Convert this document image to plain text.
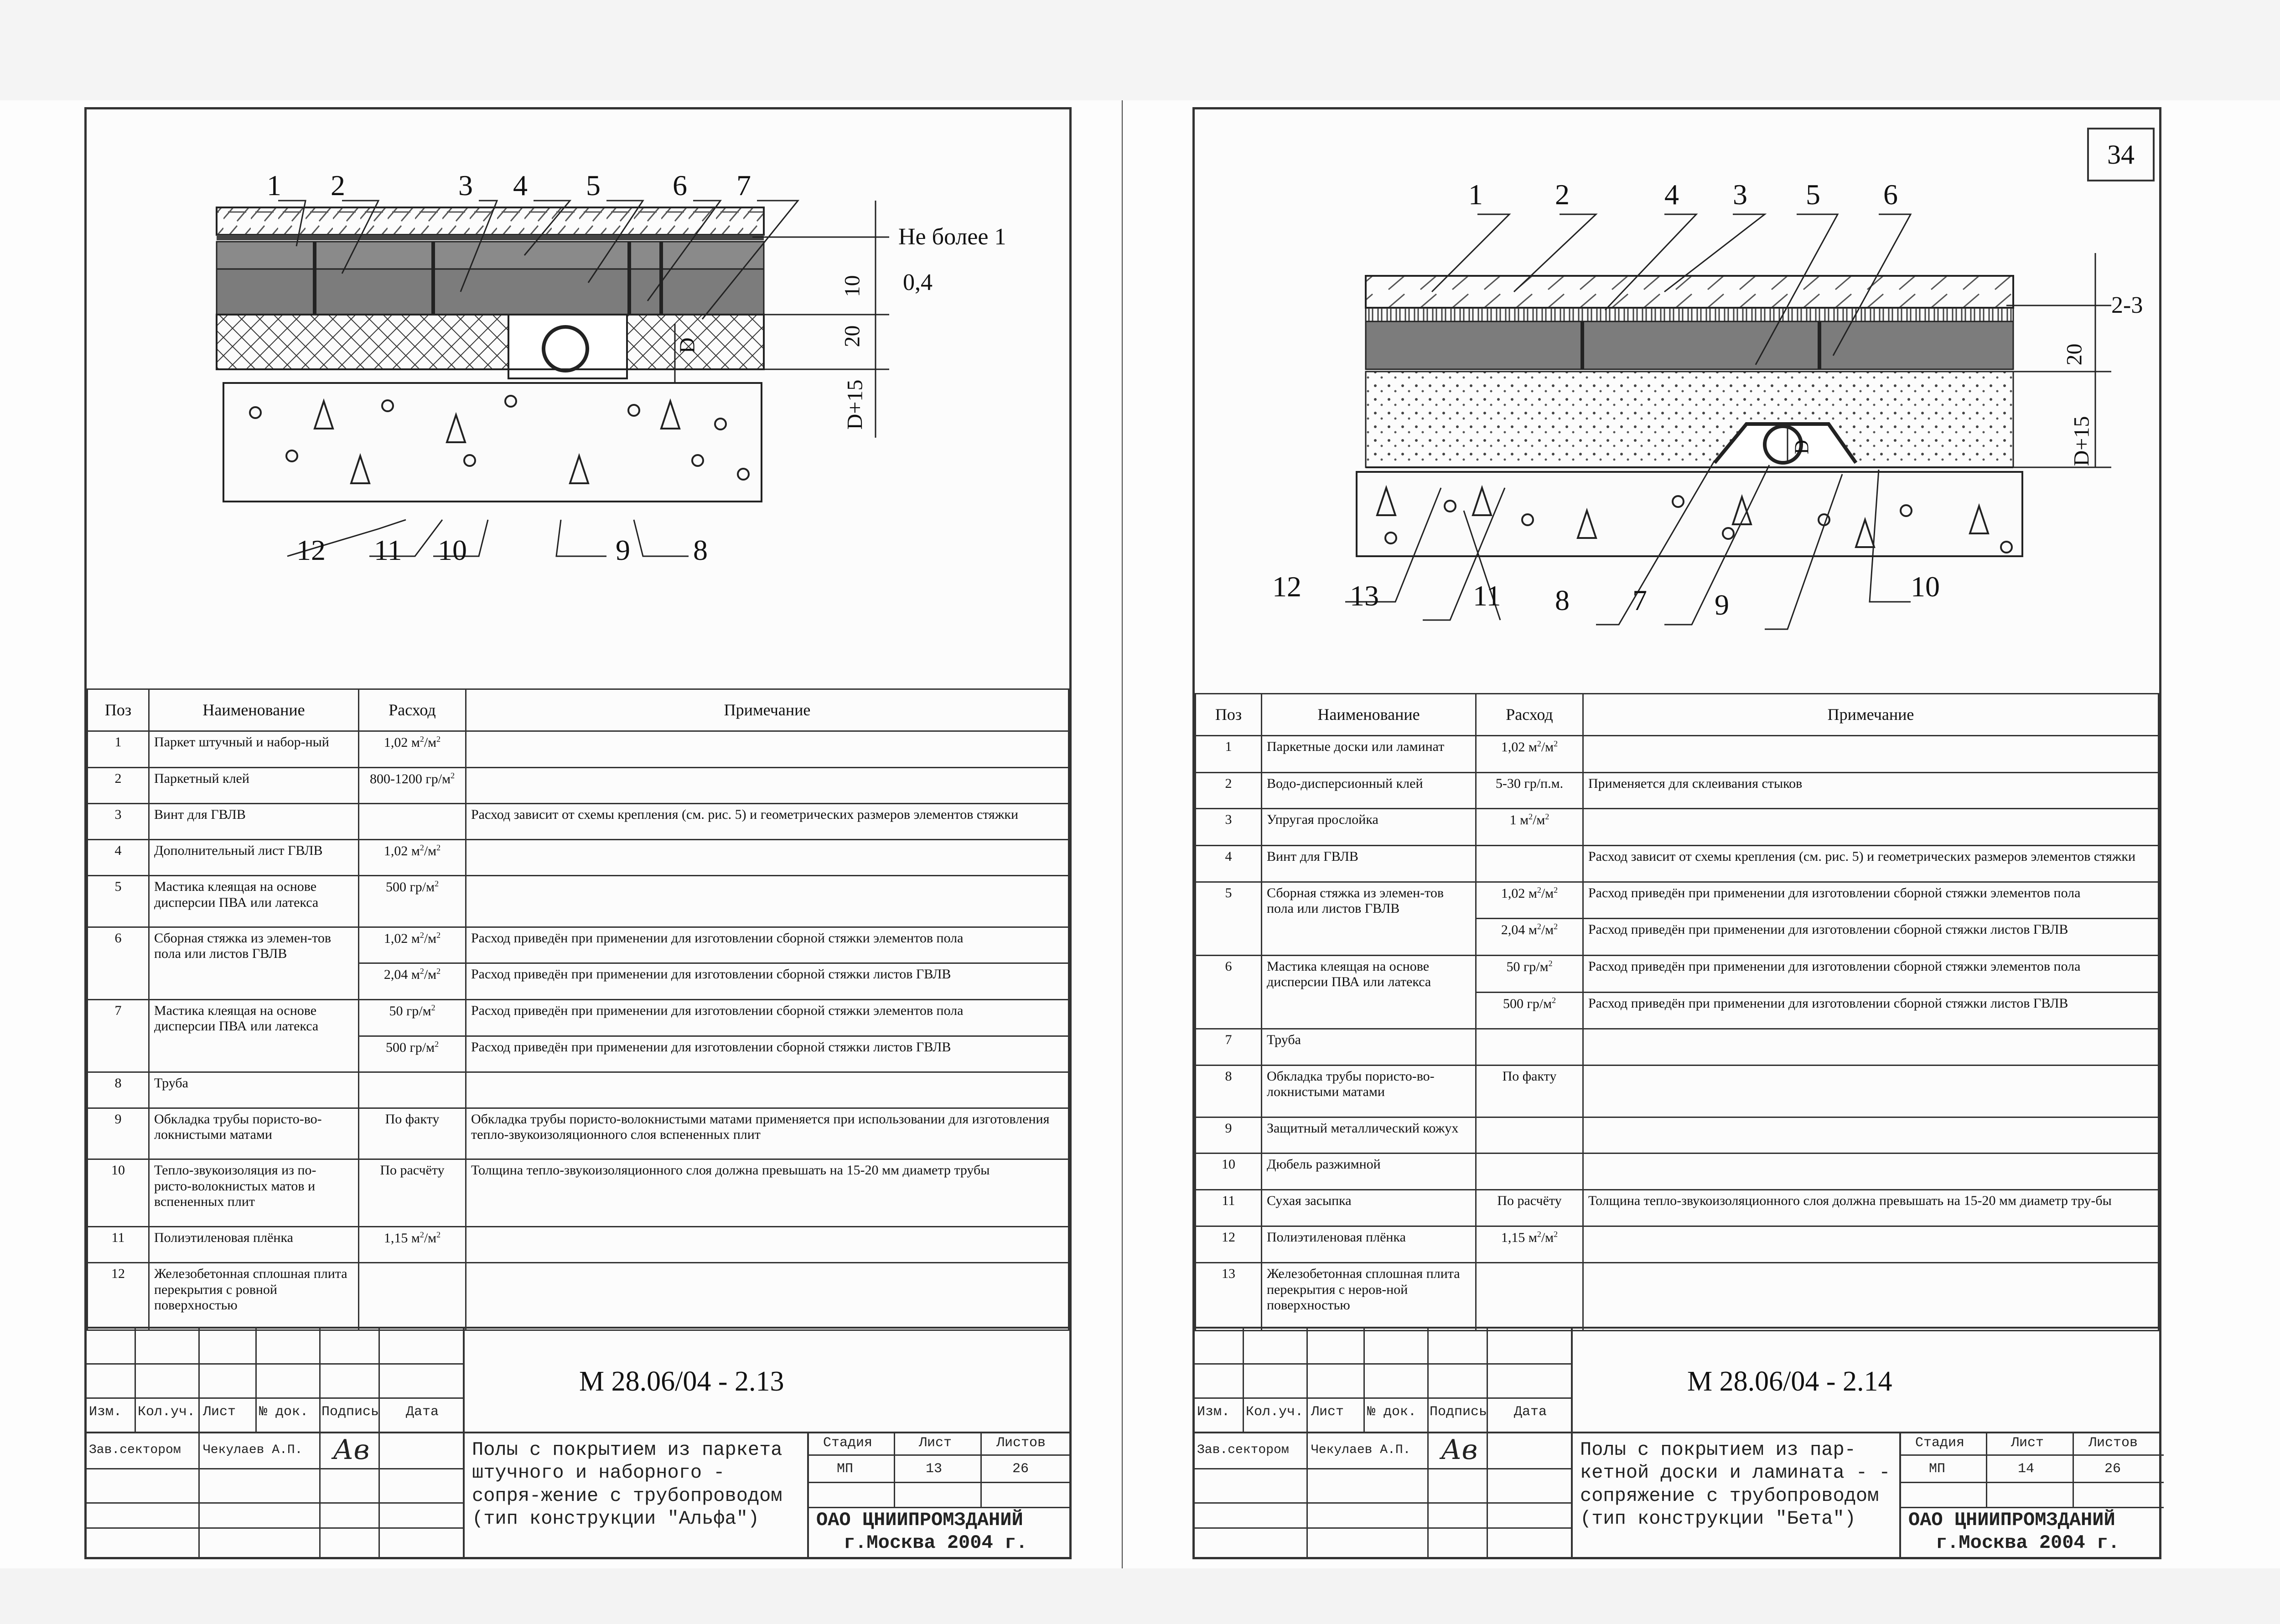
1 2	3 4 5 6 7
12 11 10	9 8
Не более 1
0,4
10
20
D+15
D
Поз	Наименование	Расход	Примечание
1	Паркет штучный и набор-ный	1,02 $м^2/м^2$	
2	Паркетный клей	800-1200 $гр/м^2$	
3	Винт для ГВЛВ		Расход зависит от схемы крепления (см. рис. 5) и геометрических размеров элементов стяжки
4	Дополнительный лист ГВЛВ	1,02 $м^2/м^2$	
5	Мастика клеящая на основе дисперсии ПВА или латекса	500 $гр/м^2$	
6	Сборная стяжка из элемен-тов пола или листов ГВЛВ	1,02 $м^2/м^2$	Расход приведён при применении для изготовлении сборной стяжки элементов пола
		2,04 $м^2/м^2$	Расход приведён при применении для изготовлении сборной стяжки листов ГВЛВ
7	Мастика клеящая на основе дисперсии ПВА или латекса	50 $гр/м^2$	Расход приведён при применении для изготовлении сборной стяжки элементов пола
		500 $гр/м^2$	Расход приведён при применении для изготовлении сборной стяжки листов ГВЛВ
8	Труба		
9	Обкладка трубы пористо-во-локнистыми матами	По факту	Обкладка трубы пористо-волокнистыми матами применяется при использовании для изготовления тепло-звукоизоляционного слоя вспененных плит
10	Тепло-звукоизоляция из по-ристо-волокнистых матов и вспененных плит	По расчёту	Толщина тепло-звукоизоляционного слоя должна превышать на 15-20 мм диаметр трубы
11	Полиэтиленовая плёнка	1,15 $м^2/м^2$	
12	Железобетонная сплошная плита перекрытия с ровной поверхностью		
Изм. Кол.уч. Лист № док. Подпись Дата
Зав.сектором Чекулаев А.П. Ав
М 28.06/04 - 2.13
Полы с покрытием из паркета штучного и наборного - сопря-жение с трубопроводом (тип конструкции "Альфа")
Стадия	Лист	Листов
МП	13	26
ОАО ЦНИИПРОМЗДАНИЙ
г.Москва 2004 г.
34
1 2	4 3 5 6
12 13	11 8 7 9
10
2-3
20
D+15
D
Поз	Наименование	Расход	Примечание
1	Паркетные доски или ламинат	1,02 $м^2/м^2$	
2	Водо-дисперсионный клей	5-30 гр/п.м.	Применяется для склеивания стыков
3	Упругая прослойка	1 $м^2/м^2$	
4	Винт для ГВЛВ		Расход зависит от схемы крепления (см. рис. 5) и геометрических размеров элементов стяжки
5	Сборная стяжка из элемен-тов пола или листов ГВЛВ	1,02 $м^2/м^2$	Расход приведён при применении для изготовлении сборной стяжки элементов пола
		2,04 $м^2/м^2$	Расход приведён при применении для изготовлении сборной стяжки листов ГВЛВ
6	Мастика клеящая на основе дисперсии ПВА или латекса	50 $гр/м^2$	Расход приведён при применении для изготовлении сборной стяжки элементов пола
		500 $гр/м^2$	Расход приведён при применении для изготовлении сборной стяжки листов ГВЛВ
7	Труба		
8	Обкладка трубы пористо-во-локнистыми матами	По факту	
9	Защитный металлический кожух		
10	Дюбель разжимной		
11	Сухая засыпка	По расчёту	Толщина тепло-звукоизоляционного слоя должна превышать на 15-20 мм диаметр тру-бы
12	Полиэтиленовая плёнка	1,15 $м^2/м^2$	
13	Железобетонная сплошная плита перекрытия с неров-ной поверхностью		
Изм. Кол.уч. Лист № док. Подпись Дата
Зав.сектором Чекулаев А.П. Ав
М 28.06/04 - 2.14
Полы с покрытием из пар-кетной доски и ламината - - сопряжение с трубопроводом (тип конструкции "Бета")
Стадия	Лист	Листов
МП	14	26
ОАО ЦНИИПРОМЗДАНИЙ
г.Москва 2004 г.
